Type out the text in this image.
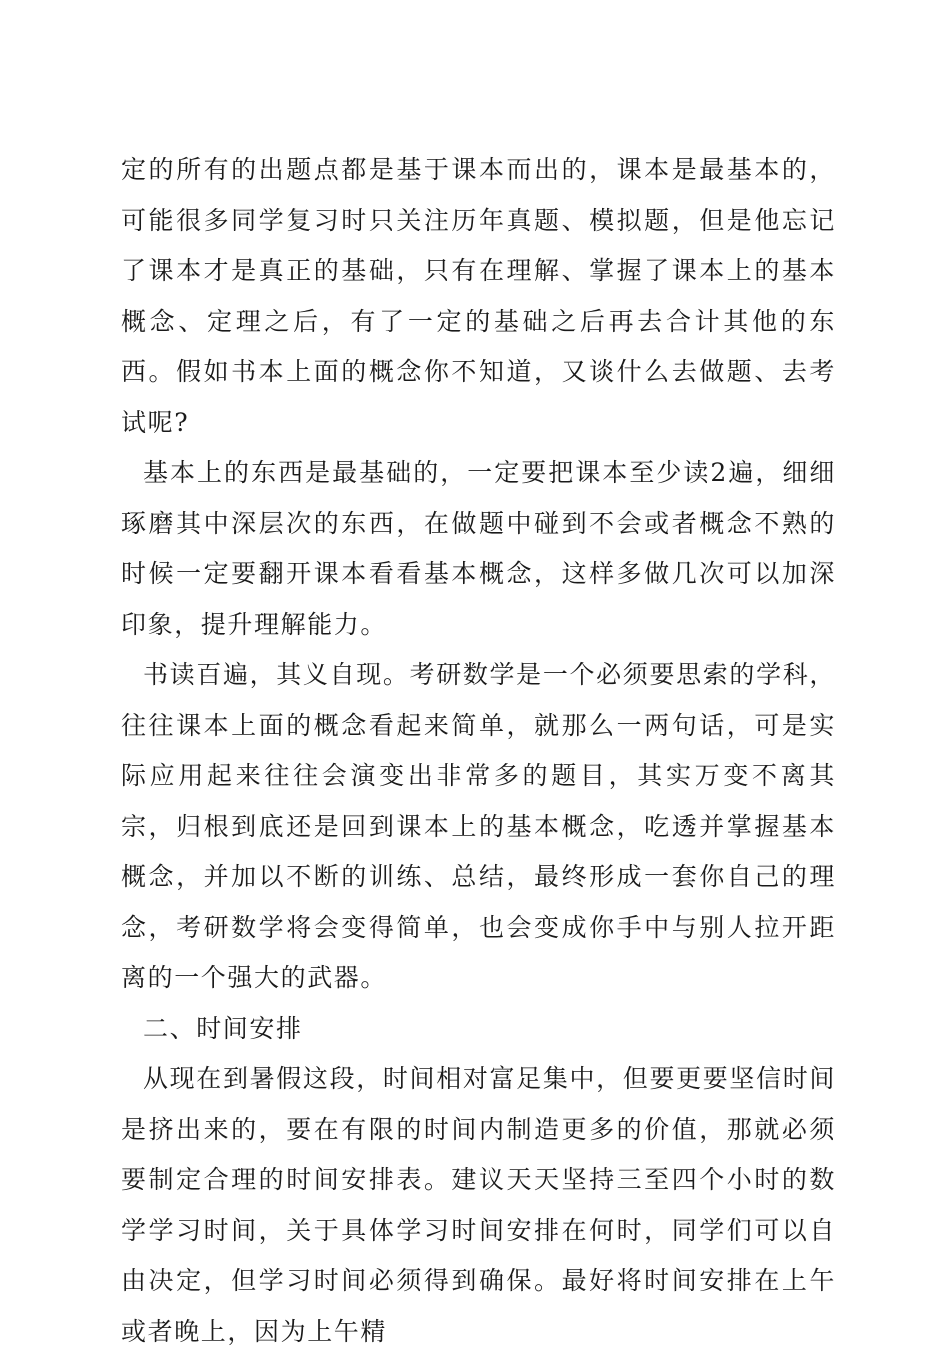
定的所有的出题点都是基于课本而出的，课本是最基本的，可能很多同学复习时只关注历年真题、模拟题，但是他忘记了课本才是真正的基础，只有在理解、掌握了课本上的基本概念、定理之后，有了一定的基础之后再去合计其他的东西。假如书本上面的概念你不知道，又谈什么去做题、去考试呢?

基本上的东西是最基础的，一定要把课本至少读2遍，细细琢磨其中深层次的东西，在做题中碰到不会或者概念不熟的时候一定要翻开课本看看基本概念，这样多做几次可以加深印象，提升理解能力。

书读百遍，其义自现。考研数学是一个必须要思索的学科，往往课本上面的概念看起来简单，就那么一两句话，可是实际应用起来往往会演变出非常多的题目，其实万变不离其宗，归根到底还是回到课本上的基本概念，吃透并掌握基本概念，并加以不断的训练、总结，最终形成一套你自己的理念，考研数学将会变得简单，也会变成你手中与别人拉开距离的一个强大的武器。

二、时间安排

从现在到暑假这段，时间相对富足集中，但要更要坚信时间是挤出来的，要在有限的时间内制造更多的价值，那就必须要制定合理的时间安排表。建议天天坚持三至四个小时的数学学习时间，关于具体学习时间安排在何时，同学们可以自由决定，但学习时间必须得到确保。最好将时间安排在上午或者晚上，因为上午精
